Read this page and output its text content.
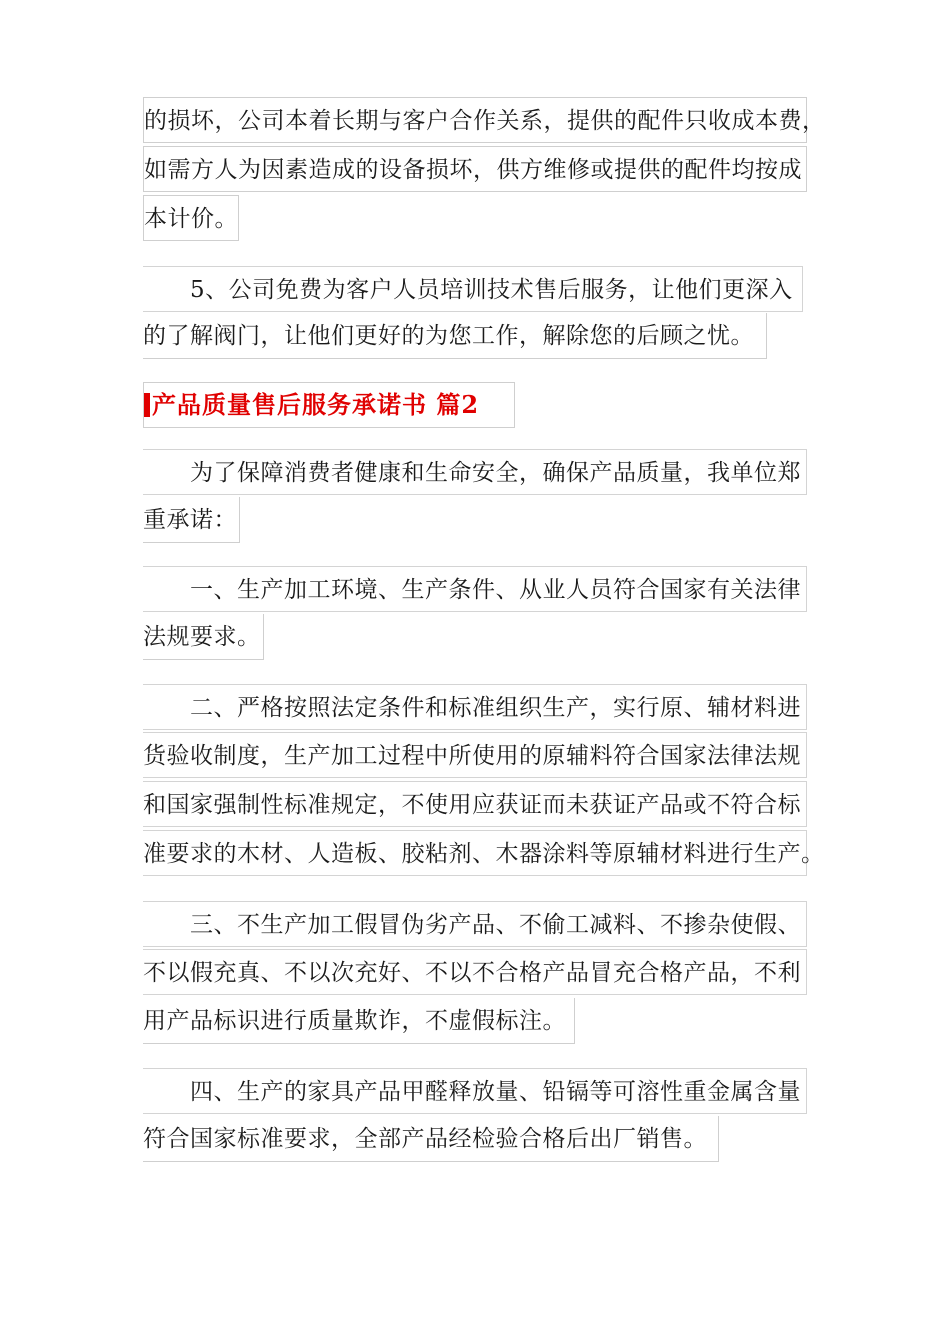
的损坏，公司本着长期与客户合作关系，提供的配件只收成本费，
如需方人为因素造成的设备损坏，供方维修或提供的配件均按成
本计价。
5、公司免费为客户人员培训技术售后服务，让他们更深入
的了解阀门，让他们更好的为您工作，解除您的后顾之忧。
产品质量售后服务承诺书 篇2
为了保障消费者健康和生命安全，确保产品质量，我单位郑
重承诺：
一、生产加工环境、生产条件、从业人员符合国家有关法律
法规要求。
二、严格按照法定条件和标准组织生产，实行原、辅材料进
货验收制度，生产加工过程中所使用的原辅料符合国家法律法规
和国家强制性标准规定，不使用应获证而未获证产品或不符合标
准要求的木材、人造板、胶粘剂、木器涂料等原辅材料进行生产。
三、不生产加工假冒伪劣产品、不偷工减料、不掺杂使假、
不以假充真、不以次充好、不以不合格产品冒充合格产品，不利
用产品标识进行质量欺诈，不虚假标注。
四、生产的家具产品甲醛释放量、铅镉等可溶性重金属含量
符合国家标准要求，全部产品经检验合格后出厂销售。
